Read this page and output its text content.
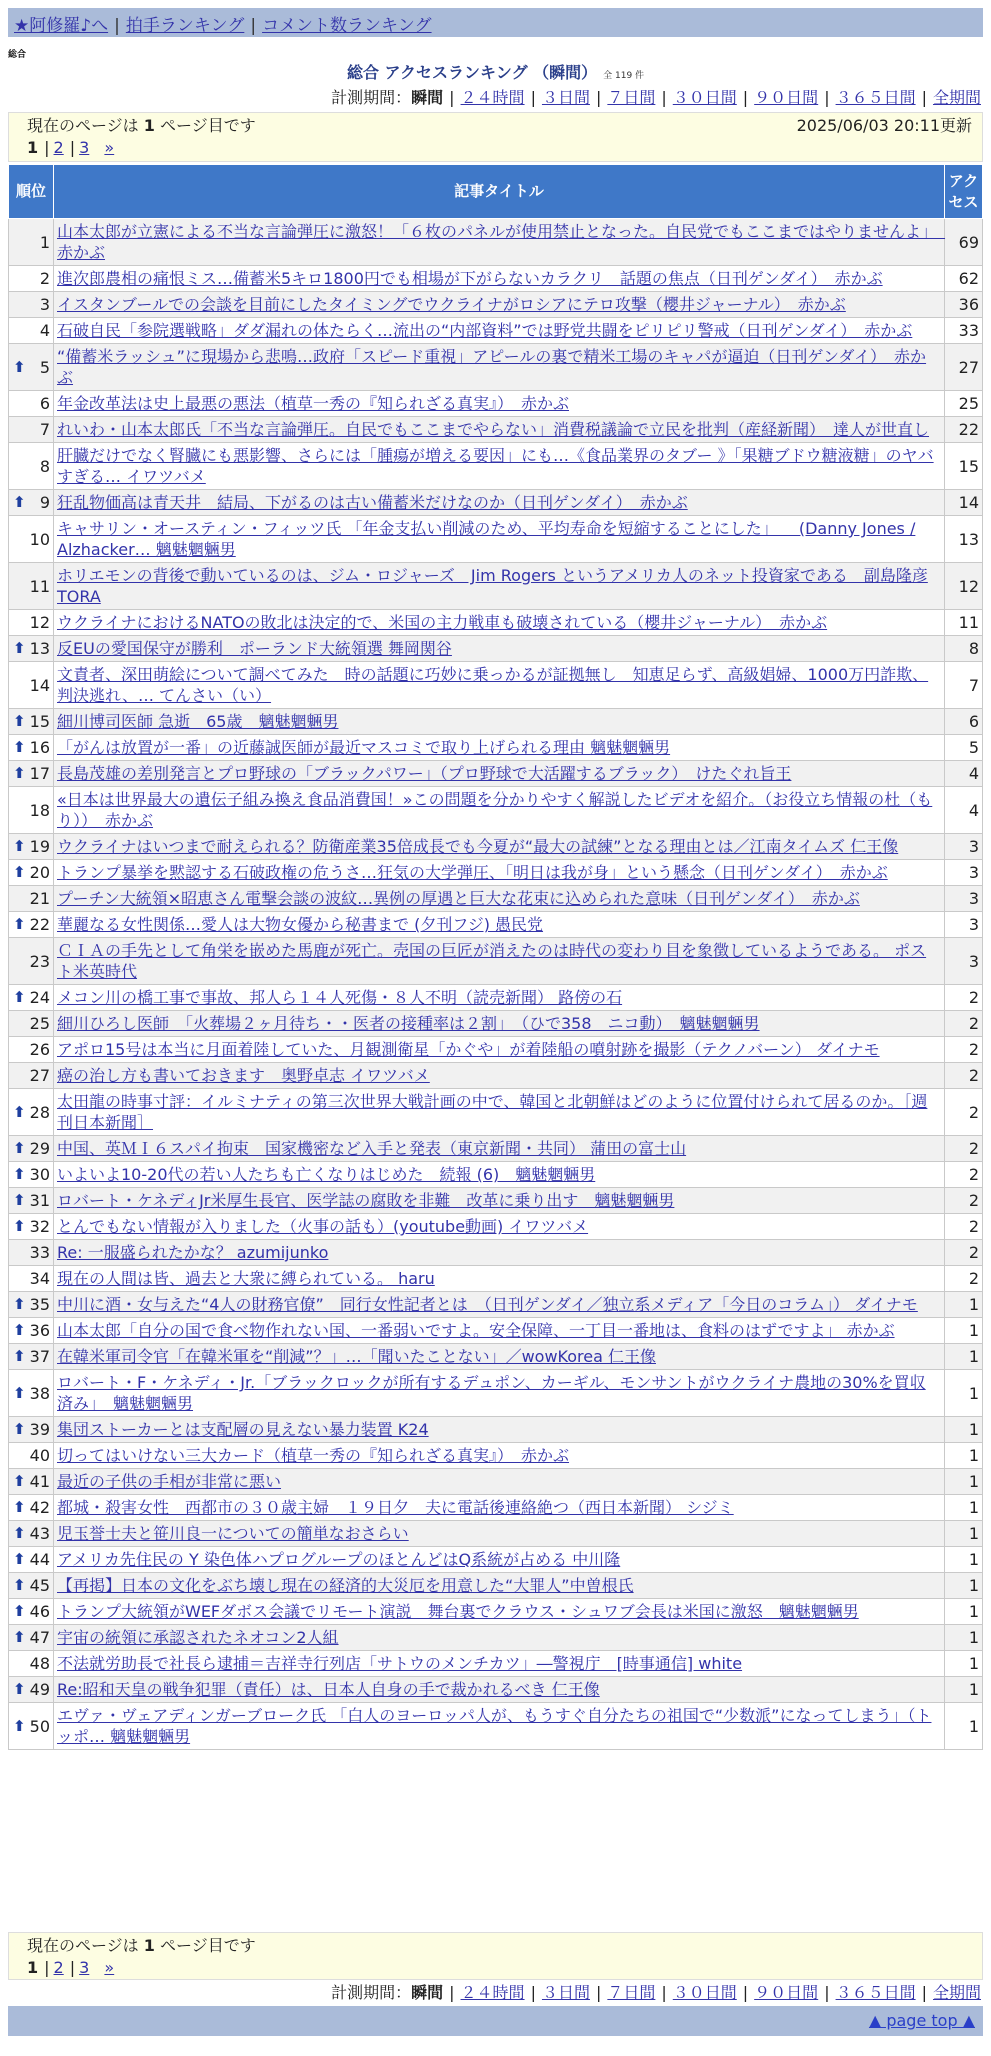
★阿修羅♪へ | 拍手ランキング | コメント数ランキング
総合
総合 アクセスランキング （瞬間） 全 119 件
計測期間：瞬間 | ２４時間 | ３日間 | ７日間 | ３０日間 | ９０日間 | ３６５日間 | 全期間
現在のページは 1 ページ目です	2025/06/03 20:11更新
1 | 2 | 3 »
順位	記事タイトル	アクセス
1	山本太郎が立憲による不当な言論弾圧に激怒！「６枚のパネルが使用禁止となった。自民党でもここまではやりませんよ」　赤かぶ	69
2	進次郎農相の痛恨ミス…備蓄米5キロ1800円でも相場が下がらないカラクリ　話題の焦点（日刊ゲンダイ）　赤かぶ	62
3	イスタンブールでの会談を目前にしたタイミングでウクライナがロシアにテロ攻撃（櫻井ジャーナル）　赤かぶ	36
4	石破自民「参院選戦略」ダダ漏れの体たらく…流出の“内部資料”では野党共闘をピリピリ警戒（日刊ゲンダイ）　赤かぶ	33

⬆ 5	“備蓄米ラッシュ”に現場から悲鳴…政府「スピード重視」アピールの裏で精米工場のキャパが逼迫（日刊ゲンダイ）　赤かぶ	27
6	年金改革法は史上最悪の悪法（植草一秀の『知られざる真実』）　赤かぶ	25
7	れいわ・山本太郎氏「不当な言論弾圧。自民でもここまでやらない」消費税議論で立民を批判（産経新聞）　達人が世直し	22
8	肝臓だけでなく腎臓にも悪影響、さらには「腫瘍が増える要因」にも…《食品業界のタブー 》「果糖ブドウ糖液糖」のヤバすぎる… イワツバメ	15

⬆ 9	狂乱物価高は青天井　結局、下がるのは古い備蓄米だけなのか（日刊ゲンダイ）　赤かぶ	14
10	キャサリン・オースティン・フィッツ氏 「年金支払い削減のため、平均寿命を短縮することにした」 　(Danny Jones / Alzhacker… 魑魅魍魎男	13
11	ホリエモンの背後で動いているのは、ジム・ロジャーズ　Jim Rogers というアメリカ人のネット投資家である　副島隆彦 TORA	12
12	ウクライナにおけるNATOの敗北は決定的で、米国の主力戦車も破壊されている（櫻井ジャーナル）　赤かぶ	11

⬆ 13	反EUの愛国保守が勝利　ポーランド大統領選 舞岡関谷	8
14	文責者、深田萌絵について調べてみた　時の話題に巧妙に乗っかるが証拠無し　知恵足らず、高級娼婦、1000万円詐欺、判決逃れ、… てんさい（い）	7

⬆ 15	細川博司医師 急逝　65歳　魑魅魍魎男	6

⬆ 16	「がんは放置が一番」の近藤誠医師が最近マスコミで取り上げられる理由 魑魅魍魎男	5

⬆ 17	長島茂雄の差別発言とプロ野球の「ブラックパワー」（プロ野球で大活躍するブラック）　けたぐれ旨王	4
18	«日本は世界最大の遺伝子組み換え食品消費国！»この問題を分かりやすく解説したビデオを紹介。（お役立ち情報の杜（もり））　赤かぶ	4

⬆ 19	ウクライナはいつまで耐えられる？防衛産業35倍成長でも今夏が“最大の試練”となる理由とは／江南タイムズ 仁王像	3

⬆ 20	トランプ暴挙を黙認する石破政権の危うさ…狂気の大学弾圧、「明日は我が身」という懸念（日刊ゲンダイ）　赤かぶ	3
21	プーチン大統領×昭恵さん電撃会談の波紋…異例の厚遇と巨大な花束に込められた意味（日刊ゲンダイ）　赤かぶ	3

⬆ 22	華麗なる女性関係…愛人は大物女優から秘書まで (夕刊フジ) 愚民党	3
23	ＣＩＡの手先として角栄を嵌めた馬鹿が死亡。売国の巨匠が消えたのは時代の変わり目を象徴しているようである。 ポスト米英時代	3

⬆ 24	メコン川の橋工事で事故、邦人ら１４人死傷・８人不明（読売新聞） 路傍の石	2
25	細川ひろし医師　「火葬場２ヶ月待ち・・医者の接種率は２割」　（ひで358　ニコ動）　魑魅魍魎男	2
26	アポロ15号は本当に月面着陸していた、月観測衛星「かぐや」が着陸船の噴射跡を撮影（テクノバーン） ダイナモ	2
27	癌の治し方も書いておきます　奥野卓志 イワツバメ	2

⬆ 28	太田龍の時事寸評：イルミナティの第三次世界大戦計画の中で、韓国と北朝鮮はどのように位置付けられて居るのか。［週刊日本新聞］	2

⬆ 29	中国、英ＭＩ６スパイ拘束　国家機密など入手と発表（東京新聞・共同） 蒲田の富士山	2

⬆ 30	いよいよ10-20代の若い人たちも亡くなりはじめた　続報 (6)　魑魅魍魎男	2

⬆ 31	ロバート・ケネディJr米厚生長官、医学誌の腐敗を非難　改革に乗り出す　魑魅魍魎男	2

⬆ 32	とんでもない情報が入りました（火事の話も）(youtube動画) イワツバメ	2
33	Re: 一服盛られたかな？ azumijunko	2
34	現在の人間は皆、過去と大衆に縛られている。 haru	2

⬆ 35	中川に酒・女与えた“4人の財務官僚”　同行女性記者とは　（日刊ゲンダイ／独立系メディア「今日のコラム」） ダイナモ	1

⬆ 36	山本太郎「自分の国で食べ物作れない国、一番弱いですよ。安全保障、一丁目一番地は、食料のはずですよ」 赤かぶ	1

⬆ 37	在韓米軍司令官「在韓米軍を“削減”？」…「聞いたことない」／wowKorea 仁王像	1

⬆ 38	ロバート・F・ケネディ・Jr.「ブラックロックが所有するデュポン、カーギル、モンサントがウクライナ農地の30%を買収済み」　魑魅魍魎男	1

⬆ 39	集団ストーカーとは支配層の見えない暴力装置 K24	1
40	切ってはいけない三大カード（植草一秀の『知られざる真実』）　赤かぶ	1

⬆ 41	最近の子供の手相が非常に悪い	1

⬆ 42	都城・殺害女性　西都市の３０歳主婦　１９日夕　夫に電話後連絡絶つ（西日本新聞） シジミ	1

⬆ 43	児玉誉士夫と笹川良一についての簡単なおさらい	1

⬆ 44	アメリカ先住民の Y 染色体ハプログループのほとんどはQ系統が占める 中川隆	1

⬆ 45	【再掲】日本の文化をぶち壊し現在の経済的大災厄を用意した“大罪人”中曽根氏	1

⬆ 46	トランプ大統領がWEFダボス会議でリモート演説　舞台裏でクラウス・シュワブ会長は米国に激怒　魑魅魍魎男	1

⬆ 47	宇宙の統領に承認されたネオコン2人組	1
48	不法就労助長で社長ら逮捕＝吉祥寺行列店「サトウのメンチカツ」―警視庁　[時事通信] white	1

⬆ 49	Re:昭和天皇の戦争犯罪（責任）は、日本人自身の手で裁かれるべき 仁王像	1

⬆ 50	エヴァ・ヴェアディンガーブローク氏 「白人のヨーロッパ人が、もうすぐ自分たちの祖国で“少数派”になってしまう」（トッポ… 魑魅魍魎男	1
現在のページは 1 ページ目です
1 | 2 | 3 »
計測期間：瞬間 | ２４時間 | ３日間 | ７日間 | ３０日間 | ９０日間 | ３６５日間 | 全期間
▲ page top ▲
